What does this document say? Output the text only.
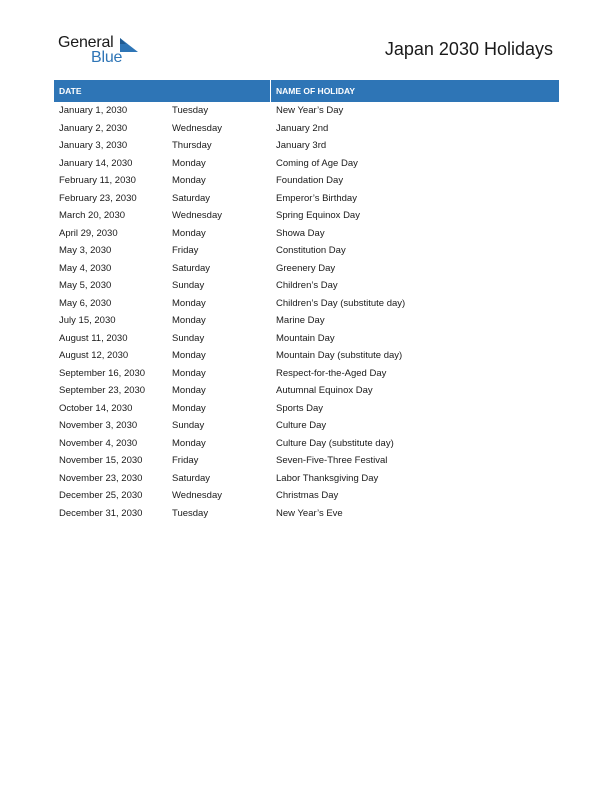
General
Blue	Japan 2030 Holidays
DATE	NAME OF HOLIDAY
January 1, 2030	Tuesday	New Year’s Day
January 2, 2030	Wednesday	January 2nd
January 3, 2030	Thursday	January 3rd
January 14, 2030	Monday	Coming of Age Day
February 11, 2030	Monday	Foundation Day
February 23, 2030	Saturday	Emperor’s Birthday
March 20, 2030	Wednesday	Spring Equinox Day
April 29, 2030	Monday	Showa Day
May 3, 2030	Friday	Constitution Day
May 4, 2030	Saturday	Greenery Day
May 5, 2030	Sunday	Children’s Day
May 6, 2030	Monday	Children’s Day (substitute day)
July 15, 2030	Monday	Marine Day
August 11, 2030	Sunday	Mountain Day
August 12, 2030	Monday	Mountain Day (substitute day)
September 16, 2030	Monday	Respect-for-the-Aged Day
September 23, 2030	Monday	Autumnal Equinox Day
October 14, 2030	Monday	Sports Day
November 3, 2030	Sunday	Culture Day
November 4, 2030	Monday	Culture Day (substitute day)
November 15, 2030	Friday	Seven-Five-Three Festival
November 23, 2030	Saturday	Labor Thanksgiving Day
December 25, 2030	Wednesday	Christmas Day
December 31, 2030	Tuesday	New Year’s Eve
